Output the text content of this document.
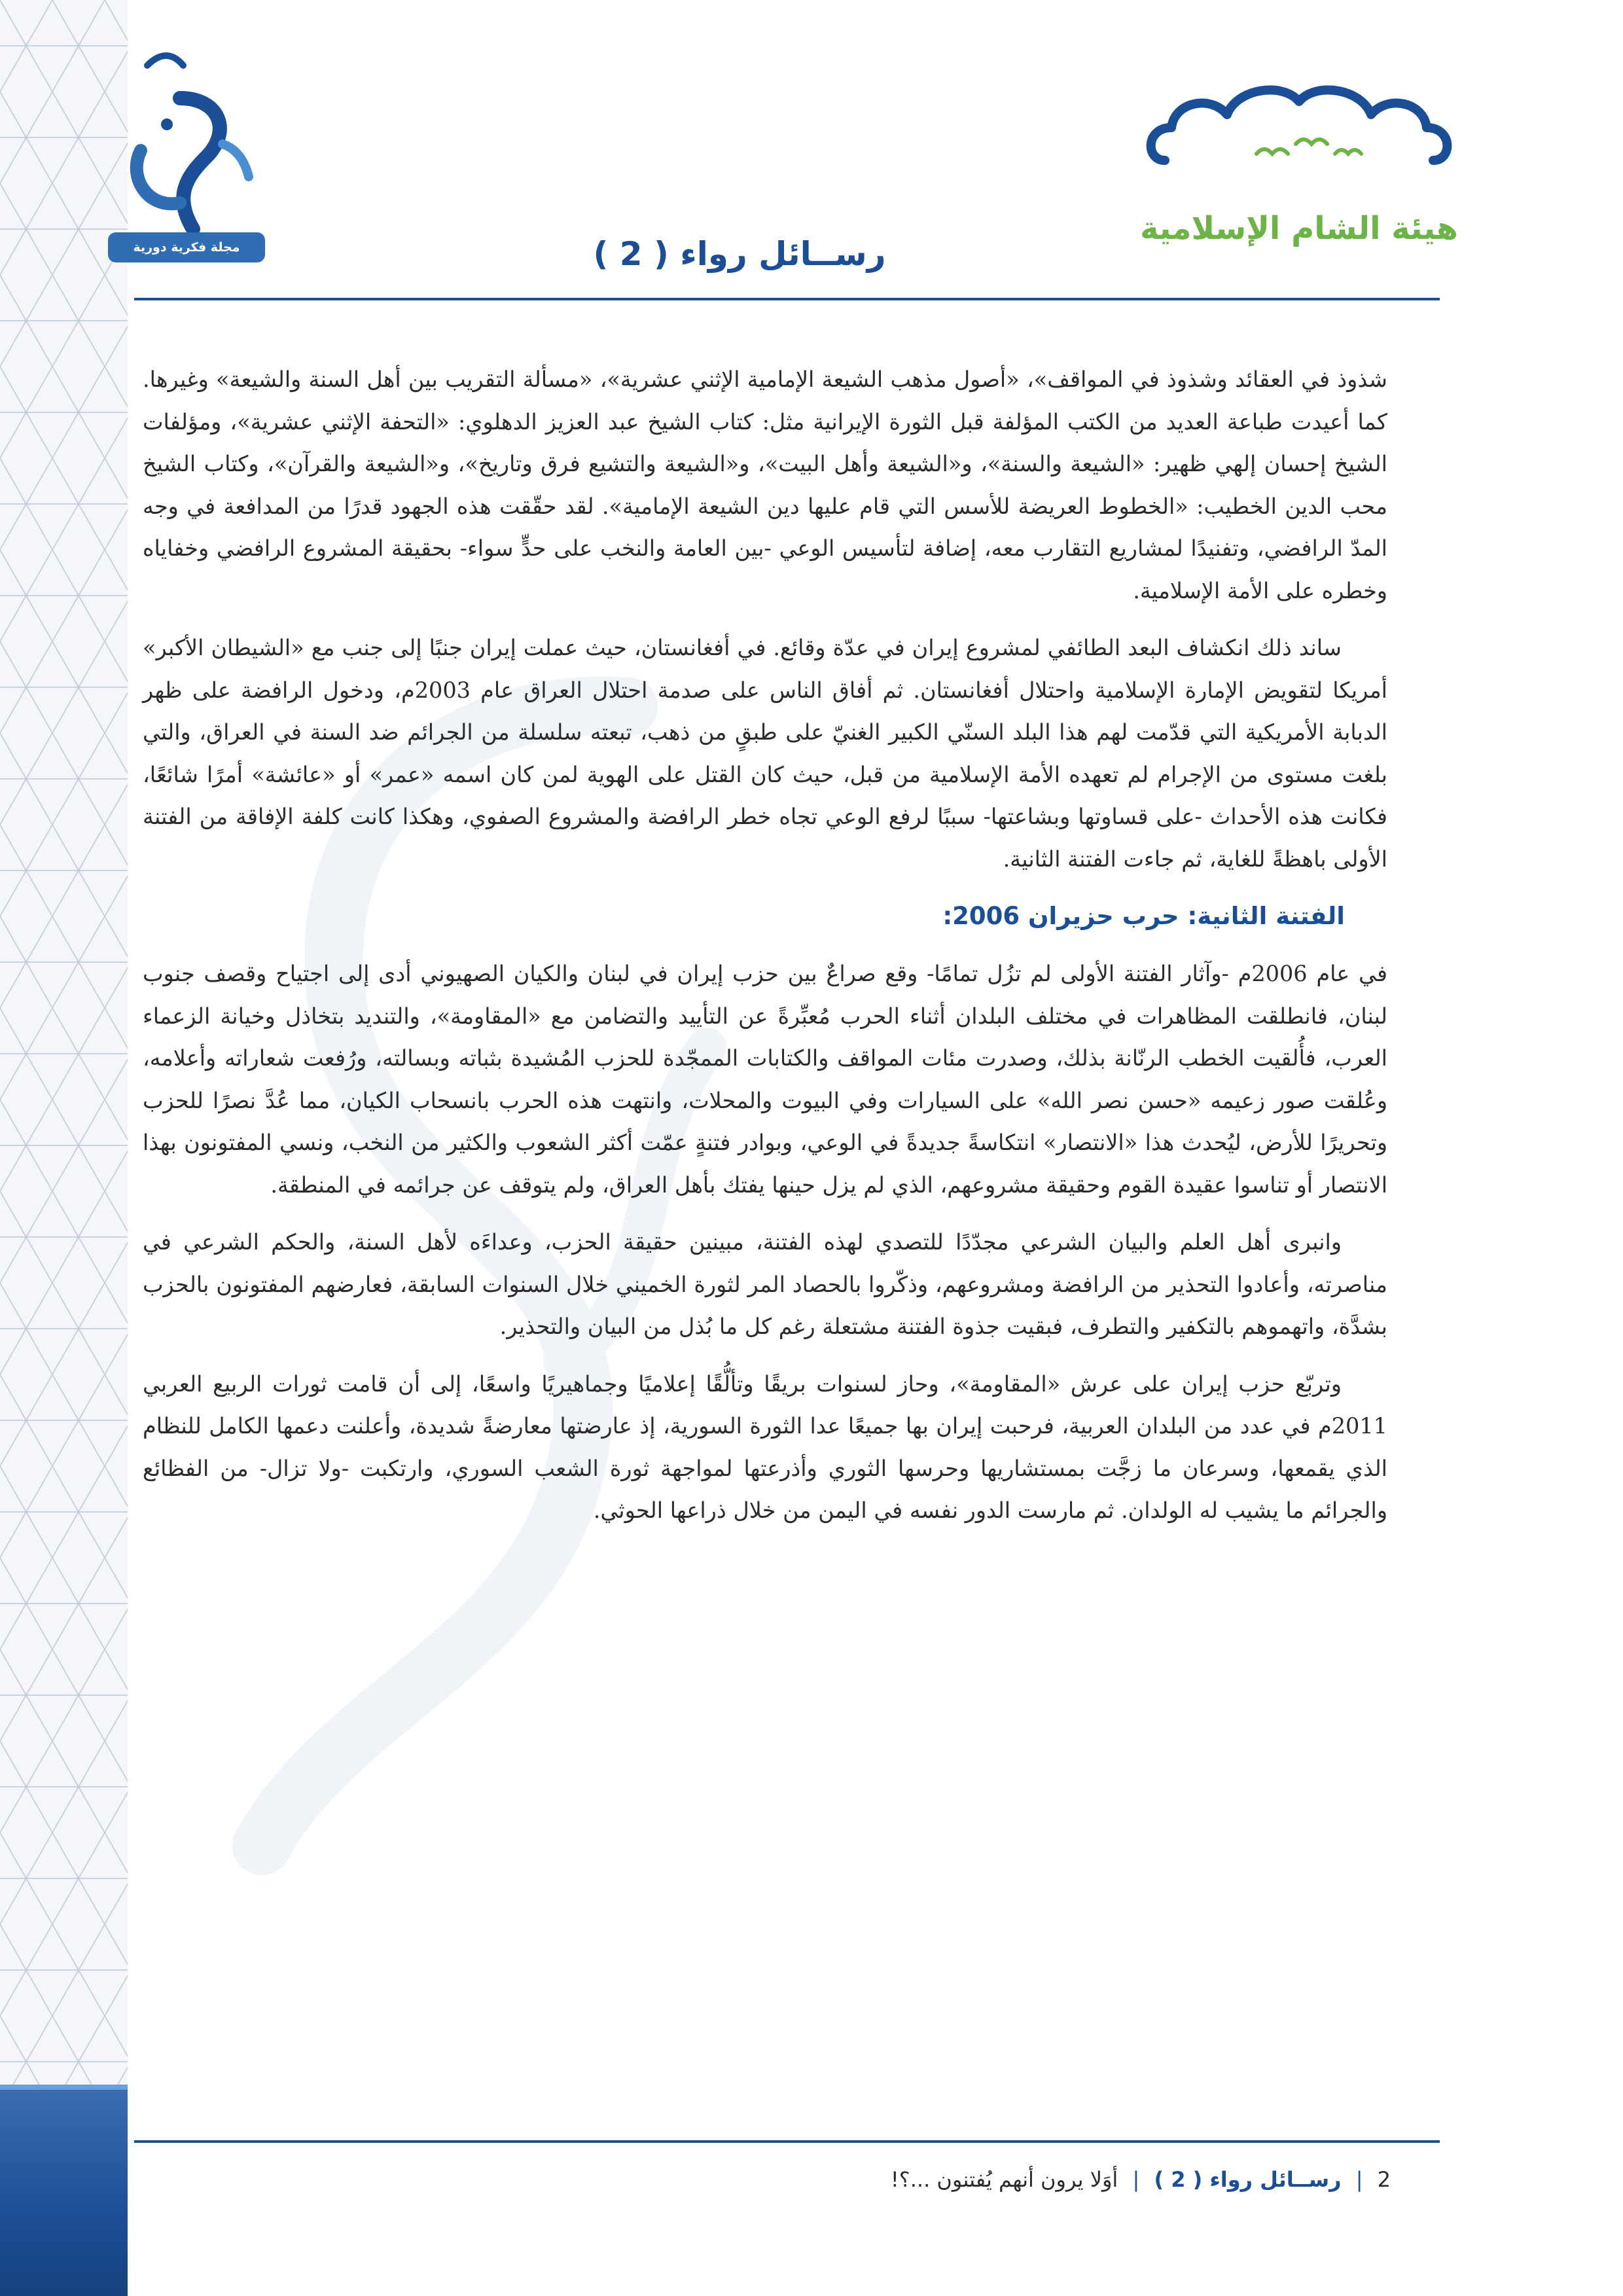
هيئة الشام الإسلامية
مجلة فكرية دورية	رســائل رواء ( 2 )

شذوذ في العقائد وشذوذ في المواقف»، «أصول مذهب الشيعة الإمامية الإثني عشرية»، «مسألة التقريب بين أهل السنة والشيعة» وغيرها. كما أعيدت طباعة العديد من الكتب المؤلفة قبل الثورة الإيرانية مثل: كتاب الشيخ عبد العزيز الدهلوي: «التحفة الإثني عشرية»، ومؤلفات الشيخ إحسان إلهي ظهير: «الشيعة والسنة»، و«الشيعة وأهل البيت»، و«الشيعة والتشيع فرق وتاريخ»، و«الشيعة والقرآن»، وكتاب الشيخ محب الدين الخطيب: «الخطوط العريضة للأسس التي قام عليها دين الشيعة الإمامية». لقد حقّقت هذه الجهود قدرًا من المدافعة في وجه المدّ الرافضي، وتفنيدًا لمشاريع التقارب معه، إضافة لتأسيس الوعي -بين العامة والنخب على حدٍّ سواء- بحقيقة المشروع الرافضي وخفاياه وخطره على الأمة الإسلامية.

ساند ذلك انكشاف البعد الطائفي لمشروع إيران في عدّة وقائع. في أفغانستان، حيث عملت إيران جنبًا إلى جنب مع «الشيطان الأكبر» أمريكا لتقويض الإمارة الإسلامية واحتلال أفغانستان. ثم أفاق الناس على صدمة احتلال العراق عام 2003م، ودخول الرافضة على ظهر الدبابة الأمريكية التي قدّمت لهم هذا البلد السنّي الكبير الغنيّ على طبقٍ من ذهب، تبعته سلسلة من الجرائم ضد السنة في العراق، والتي بلغت مستوى من الإجرام لم تعهده الأمة الإسلامية من قبل، حيث كان القتل على الهوية لمن كان اسمه «عمر» أو «عائشة» أمرًا شائعًا، فكانت هذه الأحداث -على قساوتها وبشاعتها- سببًا لرفع الوعي تجاه خطر الرافضة والمشروع الصفوي، وهكذا كانت كلفة الإفاقة من الفتنة الأولى باهظةً للغاية، ثم جاءت الفتنة الثانية.

الفتنة الثانية: حرب حزيران 2006:

في عام 2006م -وآثار الفتنة الأولى لم تزُل تمامًا- وقع صراعٌ بين حزب إيران في لبنان والكيان الصهيوني أدى إلى اجتياح وقصف جنوب لبنان، فانطلقت المظاهرات في مختلف البلدان أثناء الحرب مُعبِّرةً عن التأييد والتضامن مع «المقاومة»، والتنديد بتخاذل وخيانة الزعماء العرب، فأُلقيت الخطب الرنّانة بذلك، وصدرت مئات المواقف والكتابات الممجّدة للحزب المُشيدة بثباته وبسالته، ورُفعت شعاراته وأعلامه، وعُلقت صور زعيمه «حسن نصر الله» على السيارات وفي البيوت والمحلات، وانتهت هذه الحرب بانسحاب الكيان، مما عُدَّ نصرًا للحزب وتحريرًا للأرض، ليُحدث هذا «الانتصار» انتكاسةً جديدةً في الوعي، وبوادر فتنةٍ عمّت أكثر الشعوب والكثير من النخب، ونسي المفتونون بهذا الانتصار أو تناسوا عقيدة القوم وحقيقة مشروعهم، الذي لم يزل حينها يفتك بأهل العراق، ولم يتوقف عن جرائمه في المنطقة.

وانبرى أهل العلم والبيان الشرعي مجدّدًا للتصدي لهذه الفتنة، مبينين حقيقة الحزب، وعداءَه لأهل السنة، والحكم الشرعي في مناصرته، وأعادوا التحذير من الرافضة ومشروعهم، وذكّروا بالحصاد المر لثورة الخميني خلال السنوات السابقة، فعارضهم المفتونون بالحزب بشدَّة، واتهموهم بالتكفير والتطرف، فبقيت جذوة الفتنة مشتعلة رغم كل ما بُذل من البيان والتحذير.

وتربّع حزب إيران على عرش «المقاومة»، وحاز لسنوات بريقًا وتألُّقًا إعلاميًا وجماهيريًا واسعًا، إلى أن قامت ثورات الربيع العربي 2011م في عدد من البلدان العربية، فرحبت إيران بها جميعًا عدا الثورة السورية، إذ عارضتها معارضةً شديدة، وأعلنت دعمها الكامل للنظام الذي يقمعها، وسرعان ما زجَّت بمستشاريها وحرسها الثوري وأذرعتها لمواجهة ثورة الشعب السوري، وارتكبت -ولا تزال- من الفظائع والجرائم ما يشيب له الولدان. ثم مارست الدور نفسه في اليمن من خلال ذراعها الحوثي.

2 | رســائل رواء ( 2 ) | أوَلا يرون أنهم يُفتنون ...؟!
